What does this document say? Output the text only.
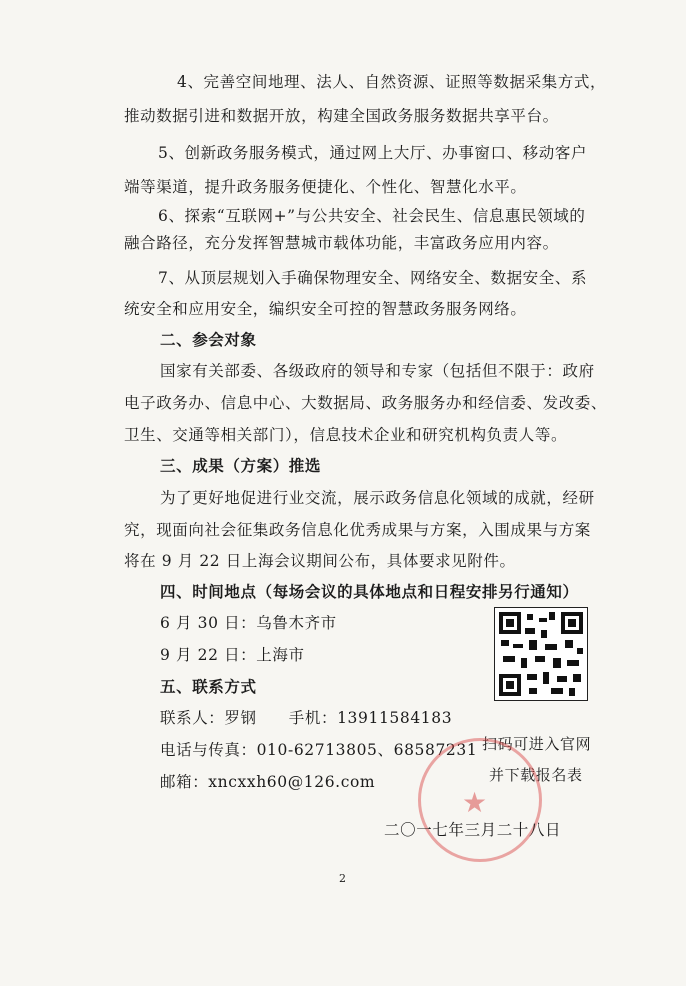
4、完善空间地理、法人、自然资源、证照等数据采集方式，
推动数据引进和数据开放，构建全国政务服务数据共享平台。
5、创新政务服务模式，通过网上大厅、办事窗口、移动客户
端等渠道，提升政务服务便捷化、个性化、智慧化水平。
6、探索“互联网+”与公共安全、社会民生、信息惠民领域的
融合路径，充分发挥智慧城市载体功能，丰富政务应用内容。
7、从顶层规划入手确保物理安全、网络安全、数据安全、系
统安全和应用安全，编织安全可控的智慧政务服务网络。
二、参会对象
国家有关部委、各级政府的领导和专家（包括但不限于：政府
电子政务办、信息中心、大数据局、政务服务办和经信委、发改委、
卫生、交通等相关部门），信息技术企业和研究机构负责人等。
三、成果（方案）推选
为了更好地促进行业交流，展示政务信息化领域的成就，经研
究，现面向社会征集政务信息化优秀成果与方案，入围成果与方案
将在 9 月 22 日上海会议期间公布，具体要求见附件。
四、时间地点（每场会议的具体地点和日程安排另行通知）
6 月 30 日：乌鲁木齐市
9 月 22 日：上海市
五、联系方式
联系人：罗钢　　手机：13911584183
电话与传真：010-62713805、68587231
邮箱：xncxxh60@126.com
扫码可进入官网
并下载报名表
★
二〇一七年三月二十八日
2
